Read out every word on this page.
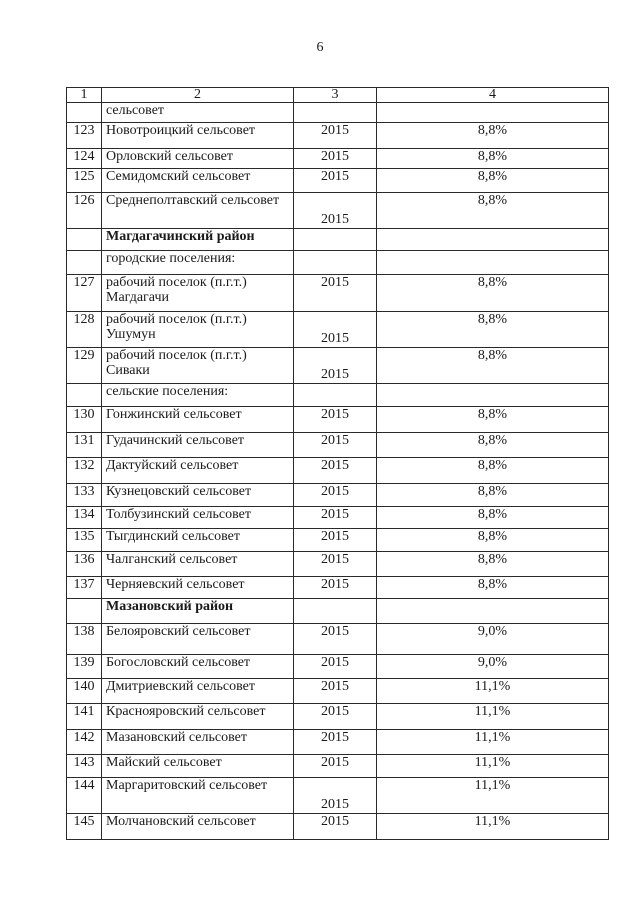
6
1	2	3	4
	сельсовет		
123	Новотроицкий сельсовет	2015	8,8%
124	Орловский сельсовет	2015	8,8%
125	Семидомский сельсовет	2015	8,8%
126	Среднеполтавский сельсовет	2015	8,8%
	Магдагачинский район		
	городские поселения:		
127	рабочий поселок (п.г.т.) Магдагачи	2015	8,8%
128	рабочий поселок (п.г.т.) Ушумун	2015	8,8%
129	рабочий поселок (п.г.т.) Сиваки	2015	8,8%
	сельские поселения:		
130	Гонжинский сельсовет	2015	8,8%
131	Гудачинский сельсовет	2015	8,8%
132	Дактуйский сельсовет	2015	8,8%
133	Кузнецовский сельсовет	2015	8,8%
134	Толбузинский сельсовет	2015	8,8%
135	Тыгдинский сельсовет	2015	8,8%
136	Чалганский сельсовет	2015	8,8%
137	Черняевский сельсовет	2015	8,8%
	Мазановский район		
138	Белояровский сельсовет	2015	9,0%
139	Богословский сельсовет	2015	9,0%
140	Дмитриевский сельсовет	2015	11,1%
141	Краснояровский сельсовет	2015	11,1%
142	Мазановский сельсовет	2015	11,1%
143	Майский сельсовет	2015	11,1%
144	Маргаритовский сельсовет	2015	11,1%
145	Молчановский сельсовет	2015	11,1%
